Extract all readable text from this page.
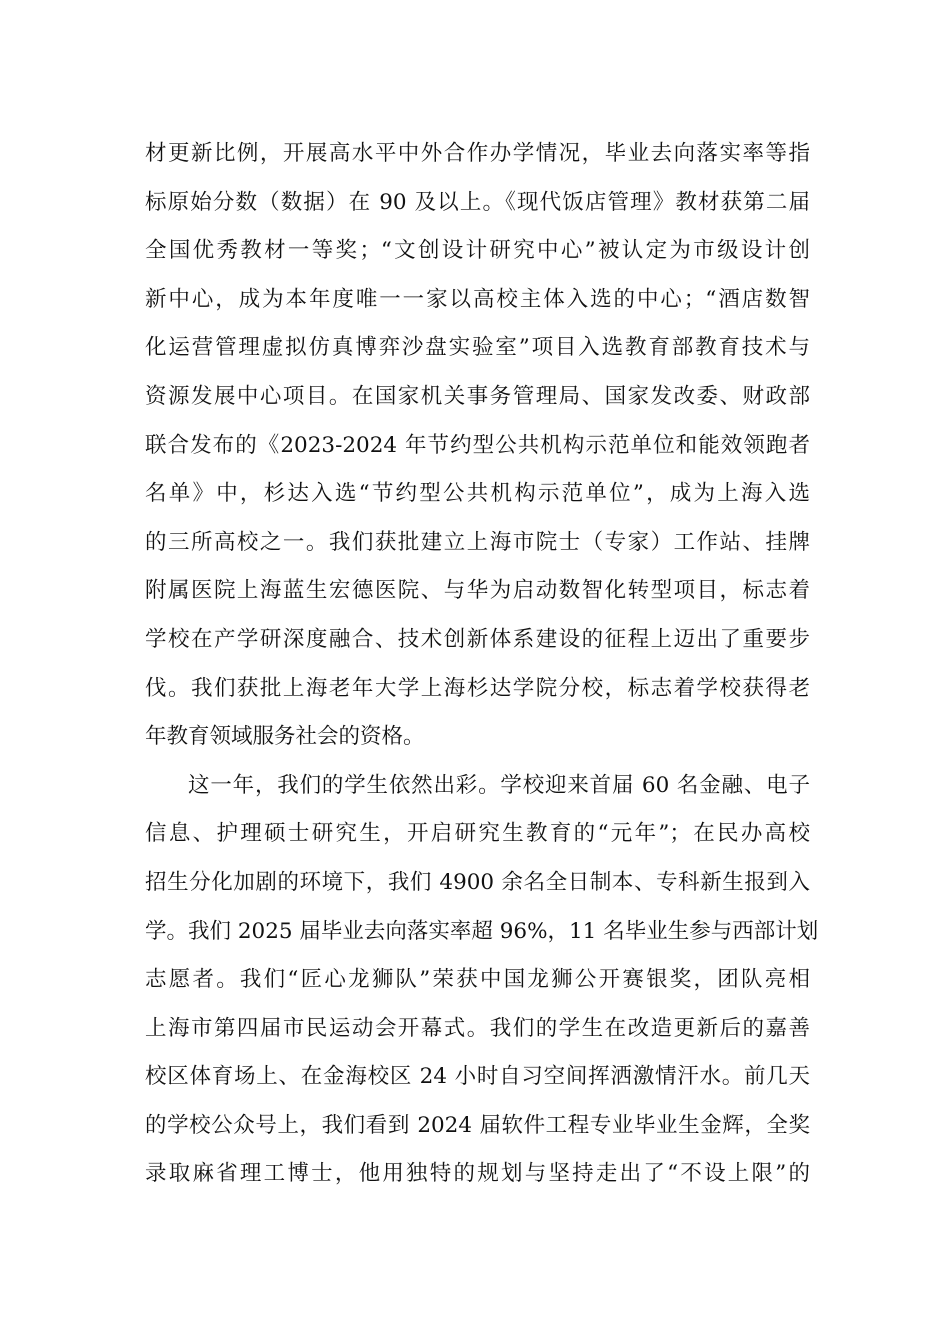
材更新比例，开展高水平中外合作办学情况，毕业去向落实率等指
标原始分数（数据）在 90 及以上。《现代饭店管理》教材获第二届
全国优秀教材一等奖；“文创设计研究中心”被认定为市级设计创
新中心，成为本年度唯一一家以高校主体入选的中心；“酒店数智
化运营管理虚拟仿真博弈沙盘实验室”项目入选教育部教育技术与
资源发展中心项目。在国家机关事务管理局、国家发改委、财政部
联合发布的《2023-2024 年节约型公共机构示范单位和能效领跑者
名单》中，杉达入选“节约型公共机构示范单位”，成为上海入选
的三所高校之一。我们获批建立上海市院士（专家）工作站、挂牌
附属医院上海蓝生宏德医院、与华为启动数智化转型项目，标志着
学校在产学研深度融合、技术创新体系建设的征程上迈出了重要步
伐。我们获批上海老年大学上海杉达学院分校，标志着学校获得老
年教育领域服务社会的资格。
这一年，我们的学生依然出彩。学校迎来首届 60 名金融、电子
信息、护理硕士研究生，开启研究生教育的“元年”；在民办高校
招生分化加剧的环境下，我们 4900 余名全日制本、专科新生报到入
学。我们 2025 届毕业去向落实率超 96%，11 名毕业生参与西部计划
志愿者。我们“匠心龙狮队”荣获中国龙狮公开赛银奖，团队亮相
上海市第四届市民运动会开幕式。我们的学生在改造更新后的嘉善
校区体育场上、在金海校区 24 小时自习空间挥洒激情汗水。前几天
的学校公众号上，我们看到 2024 届软件工程专业毕业生金辉，全奖
录取麻省理工博士，他用独特的规划与坚持走出了“不设上限”的
